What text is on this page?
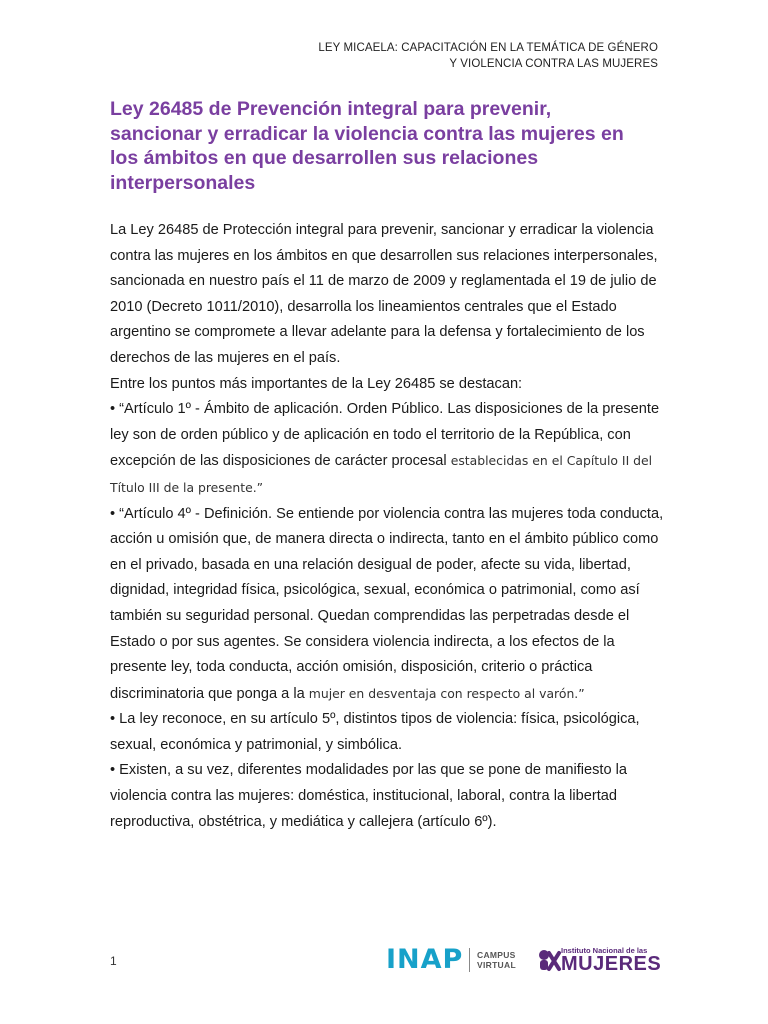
LEY MICAELA: CAPACITACIÓN EN LA TEMÁTICA DE GÉNERO
Y VIOLENCIA CONTRA LAS MUJERES
Ley 26485 de Prevención integral para prevenir, sancionar y erradicar la violencia contra las mujeres en los ámbitos en que desarrollen sus relaciones interpersonales

La Ley 26485 de Protección integral para prevenir, sancionar y erradicar la violencia contra las mujeres en los ámbitos en que desarrollen sus relaciones interpersonales, sancionada en nuestro país el 11 de marzo de 2009 y reglamentada el 19 de julio de 2010 (Decreto 1011/2010), desarrolla los lineamientos centrales que el Estado argentino se compromete a llevar adelante para la defensa y fortalecimiento de los derechos de las mujeres en el país.

Entre los puntos más importantes de la Ley 26485 se destacan:

• “Artículo 1º - Ámbito de aplicación. Orden Público. Las disposiciones de la presente ley son de orden público y de aplicación en todo el territorio de la República, con excepción de las disposiciones de carácter procesal establecidas en el Capítulo II del Título III de la presente.”

• “Artículo 4º - Definición. Se entiende por violencia contra las mujeres toda conducta, acción u omisión que, de manera directa o indirecta, tanto en el ámbito público como en el privado, basada en una relación desigual de poder, afecte su vida, libertad, dignidad, integridad física, psicológica, sexual, económica o patrimonial, como así también su seguridad personal. Quedan comprendidas las perpetradas desde el Estado o por sus agentes. Se considera violencia indirecta, a los efectos de la presente ley, toda conducta, acción omisión, disposición, criterio o práctica discriminatoria que ponga a la mujer en desventaja con respecto al varón.”

• La ley reconoce, en su artículo 5º, distintos tipos de violencia: física, psicológica, sexual, económica y patrimonial, y simbólica.

• Existen, a su vez, diferentes modalidades por las que se pone de manifiesto la violencia contra las mujeres: doméstica, institucional, laboral, contra la libertad reproductiva, obstétrica, y mediática y callejera (artículo 6º).

1	INAP CAMPUS
VIRTUAL
Instituto Nacional de las
MUJERES
